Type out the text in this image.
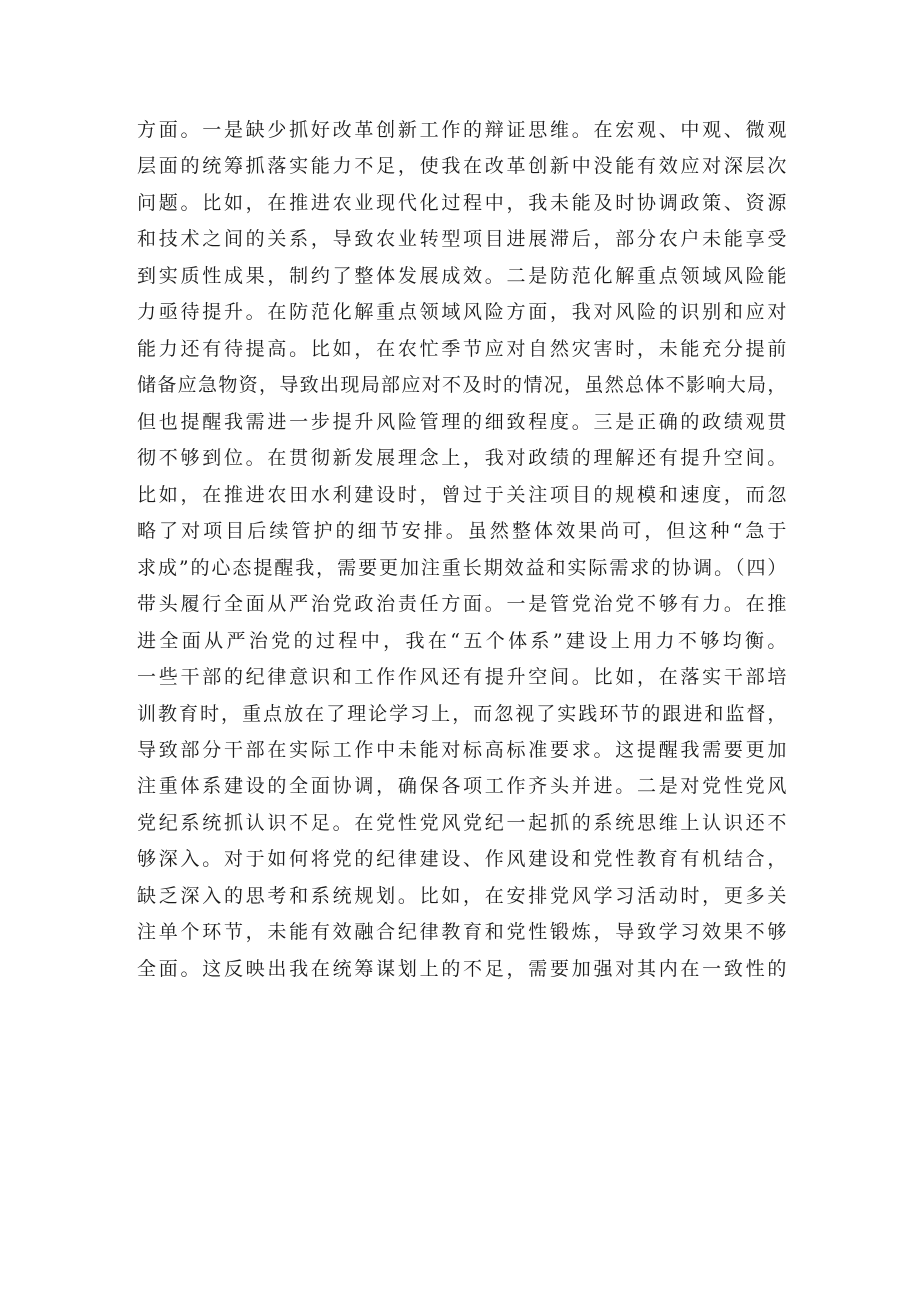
方面。一是缺少抓好改革创新工作的辩证思维。在宏观、中观、微观
层面的统筹抓落实能力不足，使我在改革创新中没能有效应对深层次
问题。比如，在推进农业现代化过程中，我未能及时协调政策、资源
和技术之间的关系，导致农业转型项目进展滞后，部分农户未能享受
到实质性成果，制约了整体发展成效。二是防范化解重点领域风险能
力亟待提升。在防范化解重点领域风险方面，我对风险的识别和应对
能力还有待提高。比如，在农忙季节应对自然灾害时，未能充分提前
储备应急物资，导致出现局部应对不及时的情况，虽然总体不影响大局，
但也提醒我需进一步提升风险管理的细致程度。三是正确的政绩观贯
彻不够到位。在贯彻新发展理念上，我对政绩的理解还有提升空间。
比如，在推进农田水利建设时，曾过于关注项目的规模和速度，而忽
略了对项目后续管护的细节安排。虽然整体效果尚可，但这种“急于
求成”的心态提醒我，需要更加注重长期效益和实际需求的协调。（四）
带头履行全面从严治党政治责任方面。一是管党治党不够有力。在推
进全面从严治党的过程中，我在“五个体系”建设上用力不够均衡。
一些干部的纪律意识和工作作风还有提升空间。比如，在落实干部培
训教育时，重点放在了理论学习上，而忽视了实践环节的跟进和监督，
导致部分干部在实际工作中未能对标高标准要求。这提醒我需要更加
注重体系建设的全面协调，确保各项工作齐头并进。二是对党性党风
党纪系统抓认识不足。在党性党风党纪一起抓的系统思维上认识还不
够深入。对于如何将党的纪律建设、作风建设和党性教育有机结合，
缺乏深入的思考和系统规划。比如，在安排党风学习活动时，更多关
注单个环节，未能有效融合纪律教育和党性锻炼，导致学习效果不够
全面。这反映出我在统筹谋划上的不足，需要加强对其内在一致性的
